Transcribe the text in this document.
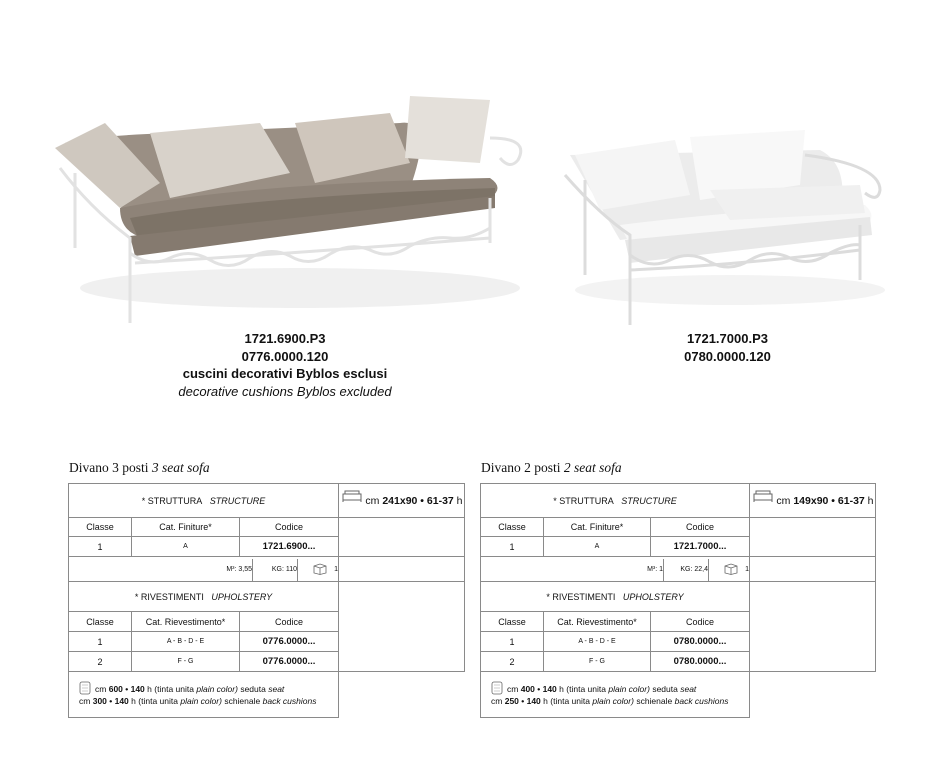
1721.6900.P3
0776.0000.120
cuscini decorativi Byblos esclusi
decorative cushions Byblos excluded
1721.7000.P3
0780.0000.120
Divano 3 posti 3 seat sofa	Divano 2 posti 2 seat sofa
* STRUTTURA STRUCTURE			cm 241x90 • 61-37 h
Classe	Cat. Finiture*	Codice	
1	A	1721.6900...	
M³: 3,55 KG: 110 1			
* RIVESTIMENTI UPHOLSTERY			
Classe	Cat. Rievestimento*	Codice	
1	A - B - D - E	0776.0000...	
2	F - G	0776.0000...	

cm 600 • 140 h (tinta unita plain color) seduta seat
cm 300 • 140 h (tinta unita plain color) schienale back cushions			
* STRUTTURA STRUCTURE			cm 149x90 • 61-37 h
Classe	Cat. Finiture*	Codice	
1	A	1721.7000...	
M³: 1 KG: 22,4 1			
* RIVESTIMENTI UPHOLSTERY			
Classe	Cat. Rievestimento*	Codice	
1	A - B - D - E	0780.0000...	
2	F - G	0780.0000...	

cm 400 • 140 h (tinta unita plain color) seduta seat
cm 250 • 140 h (tinta unita plain color) schienale back cushions			
